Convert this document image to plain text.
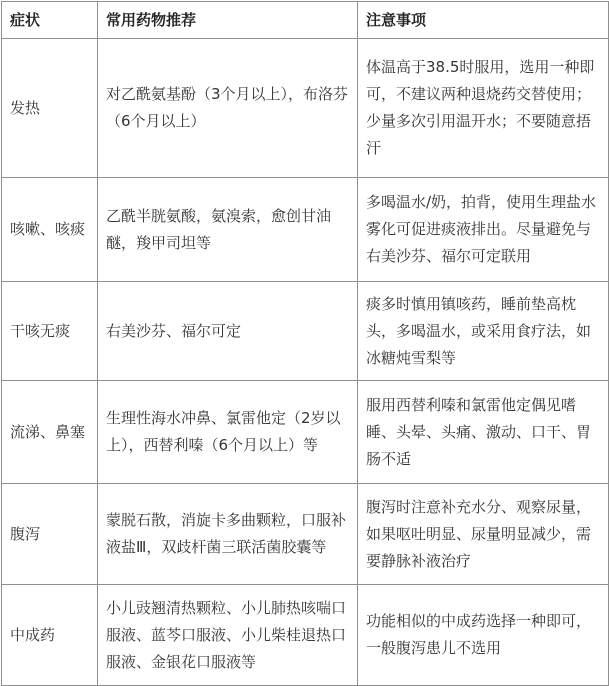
症状	常用药物推荐	注意事项

发热	对乙酰氨基酚（3个月以上），布洛芬（6个月以上）	体温高于38.5时服用，选用一种即可，不建议两种退烧药交替使用；少量多次引用温开水；不要随意捂汗

咳嗽、咳痰	乙酰半胱氨酸，氨溴索，愈创甘油醚，羧甲司坦等	多喝温水/奶，拍背，使用生理盐水雾化可促进痰液排出。尽量避免与右美沙芬、福尔可定联用

干咳无痰	右美沙芬、福尔可定	痰多时慎用镇咳药，睡前垫高枕头，多喝温水，或采用食疗法，如冰糖炖雪梨等

流涕、鼻塞	生理性海水冲鼻、氯雷他定（2岁以上），西替利嗪（6个月以上）等	服用西替利嗪和氯雷他定偶见嗜睡、头晕、头痛、激动、口干、胃肠不适

腹泻	蒙脱石散，消旋卡多曲颗粒，口服补液盐Ⅲ，双歧杆菌三联活菌胶囊等	腹泻时注意补充水分、观察尿量，如果呕吐明显、尿量明显减少，需要静脉补液治疗

中成药	小儿豉翘清热颗粒、小儿肺热咳喘口服液、蓝芩口服液、小儿柴桂退热口服液、金银花口服液等	功能相似的中成药选择一种即可，一般腹泻患儿不选用
